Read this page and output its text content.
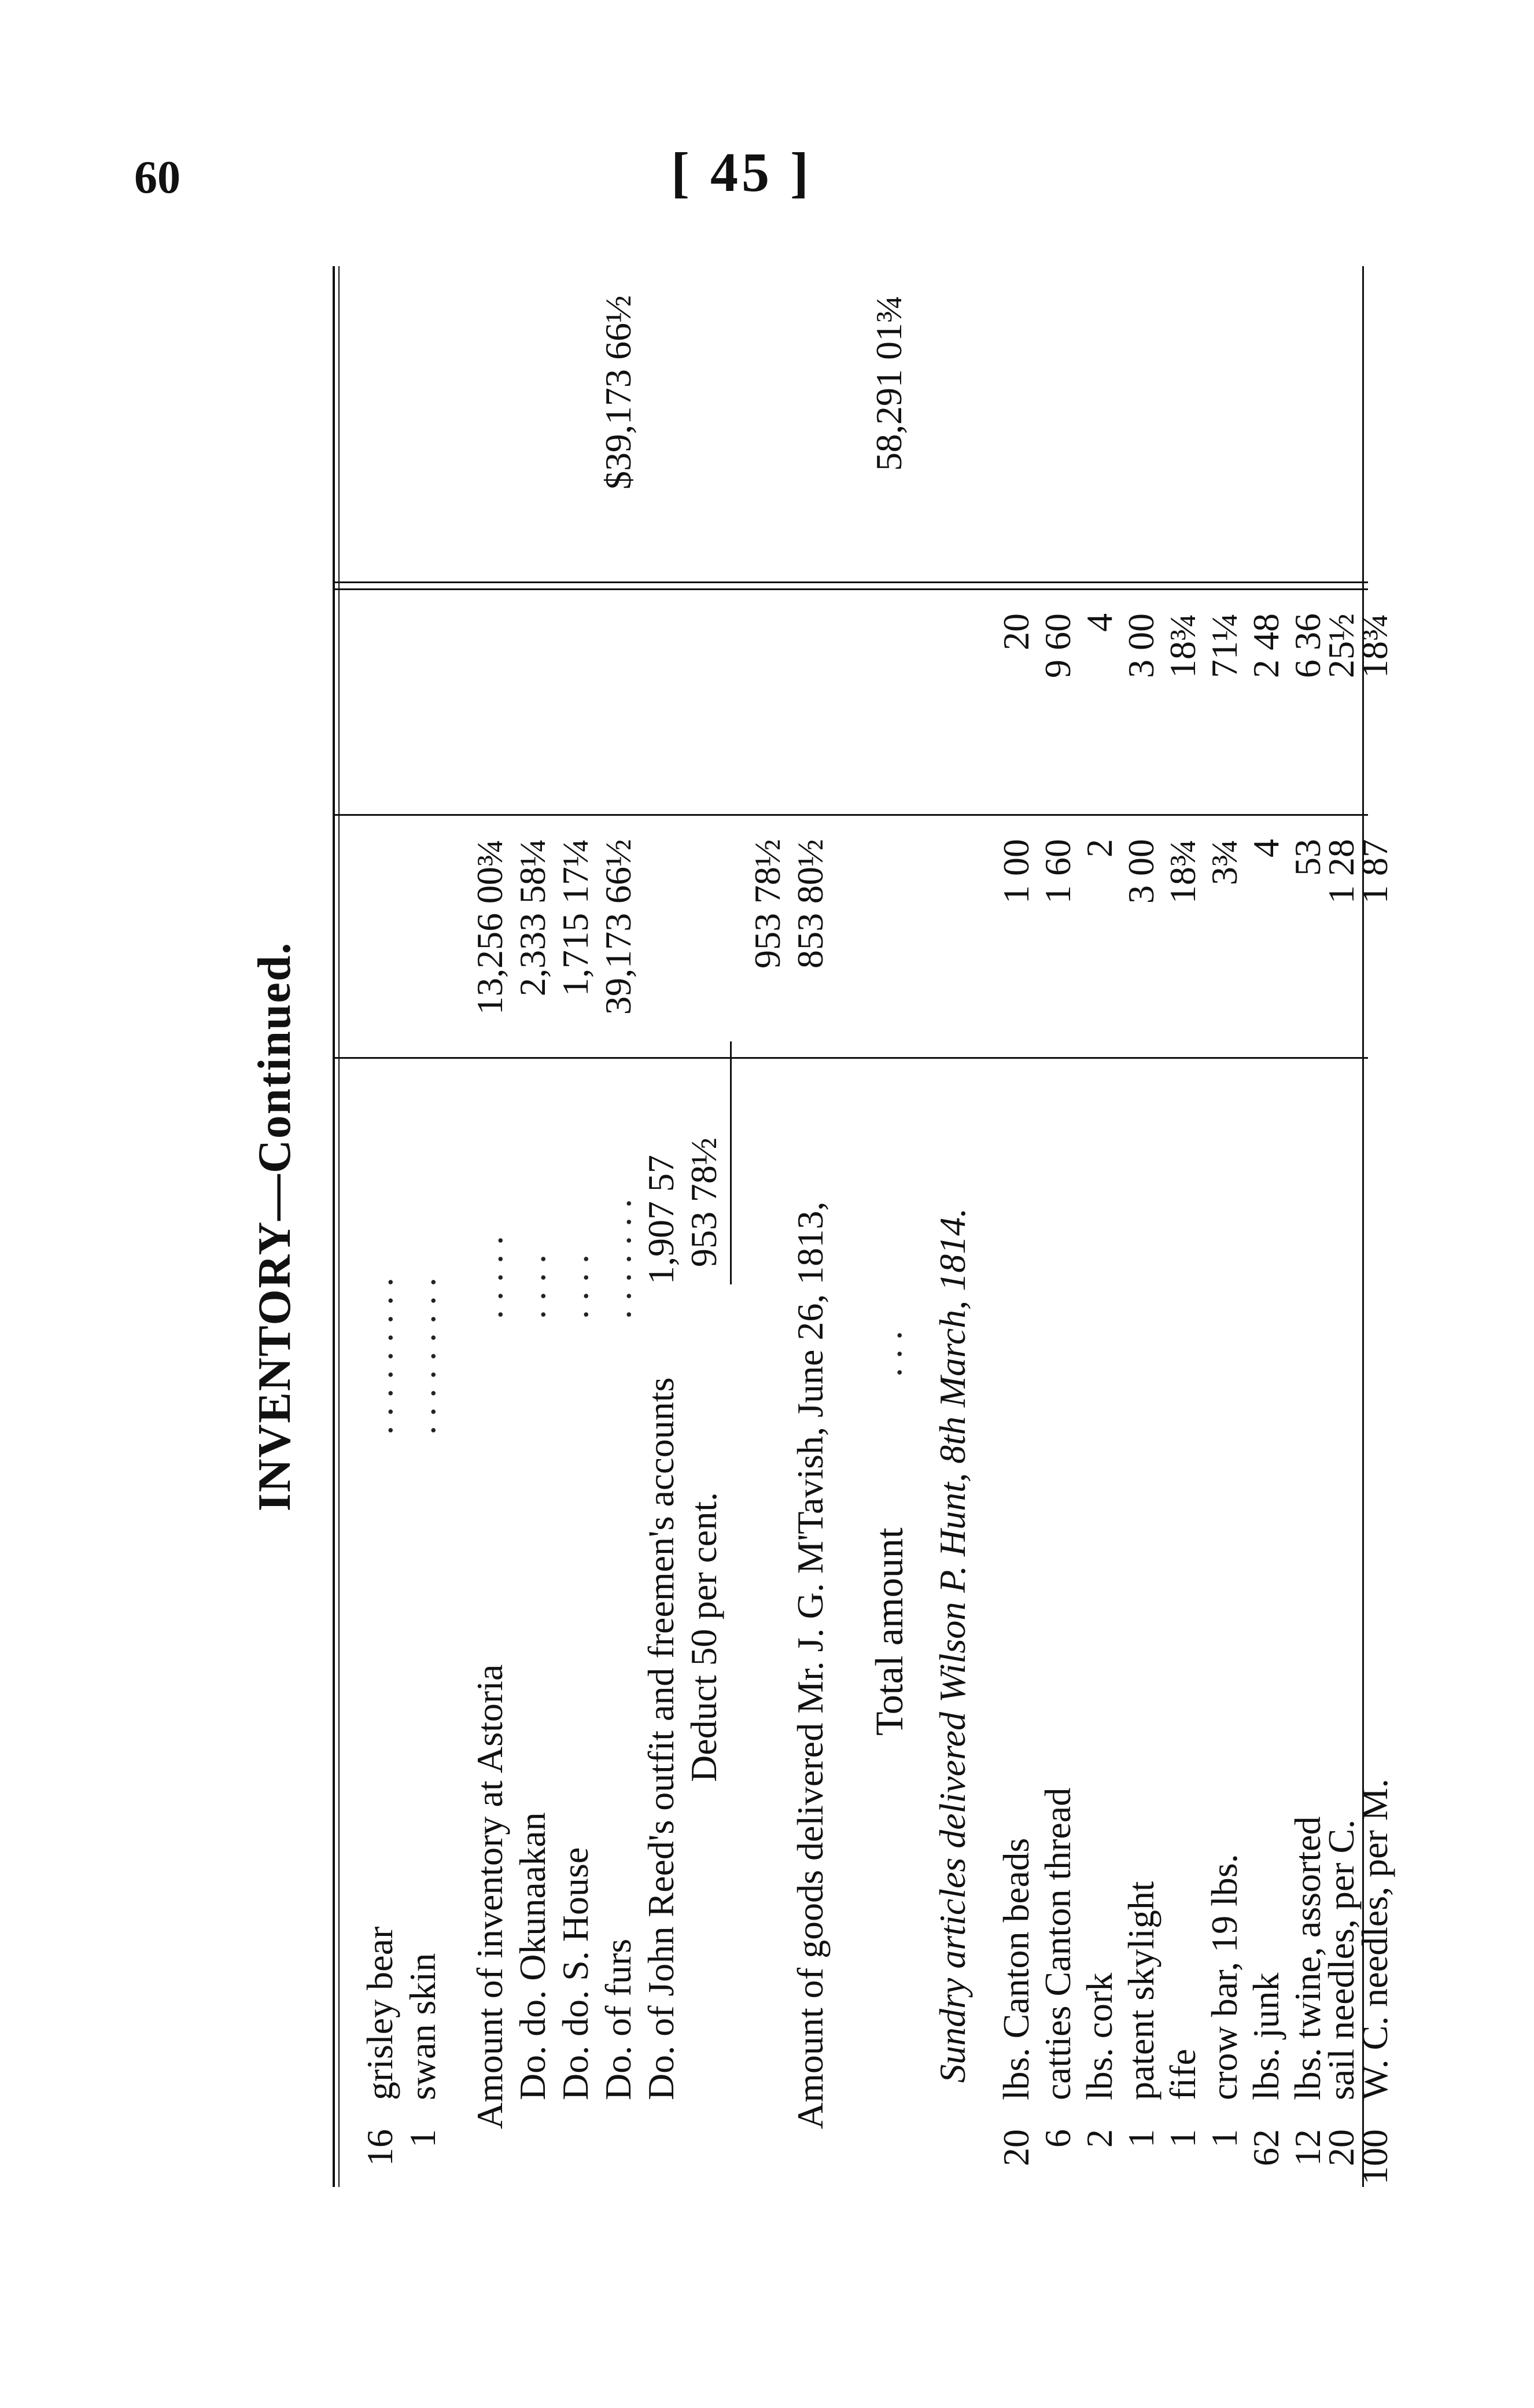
60	[ 45 ]
INVENTORY—Continued.
16
grisley bear
. . . . . . . . .
1
swan skin
. . . . . . . . .
Amount of inventory at Astoria
. . . . .
13,256 00¾
Do. do. Okunaakan
. . . .
2,333 58¼
Do. do. S. House
. . . .
1,715 17¼
Do. of furs
. . . . . . .
39,173 66½
$39,173 66½
Do. of John Reed's outfit and freemen's accounts
1,907 57
Deduct 50 per cent.
953 78½
953 78½
Amount of goods delivered Mr. J. G. M'Tavish, June 26, 1813,
853 80½
Total amount
. . .
58,291 01¾
Sundry articles delivered Wilson P. Hunt, 8th March, 1814.
20
lbs. Canton beads
1 00
20
6
catties Canton thread
1 60
9 60
2
lbs. cork
2
4
1
patent skylight
3 00
3 00
1
fife
18¾
18¾
1
crow bar, 19 lbs.
3¾
71¼
62
lbs. junk
4
2 48
12
lbs. twine, assorted
53
6 36
20
sail needles, per C.
1 28
25½
100
W. C. needles, per M.
1 87
18¾
